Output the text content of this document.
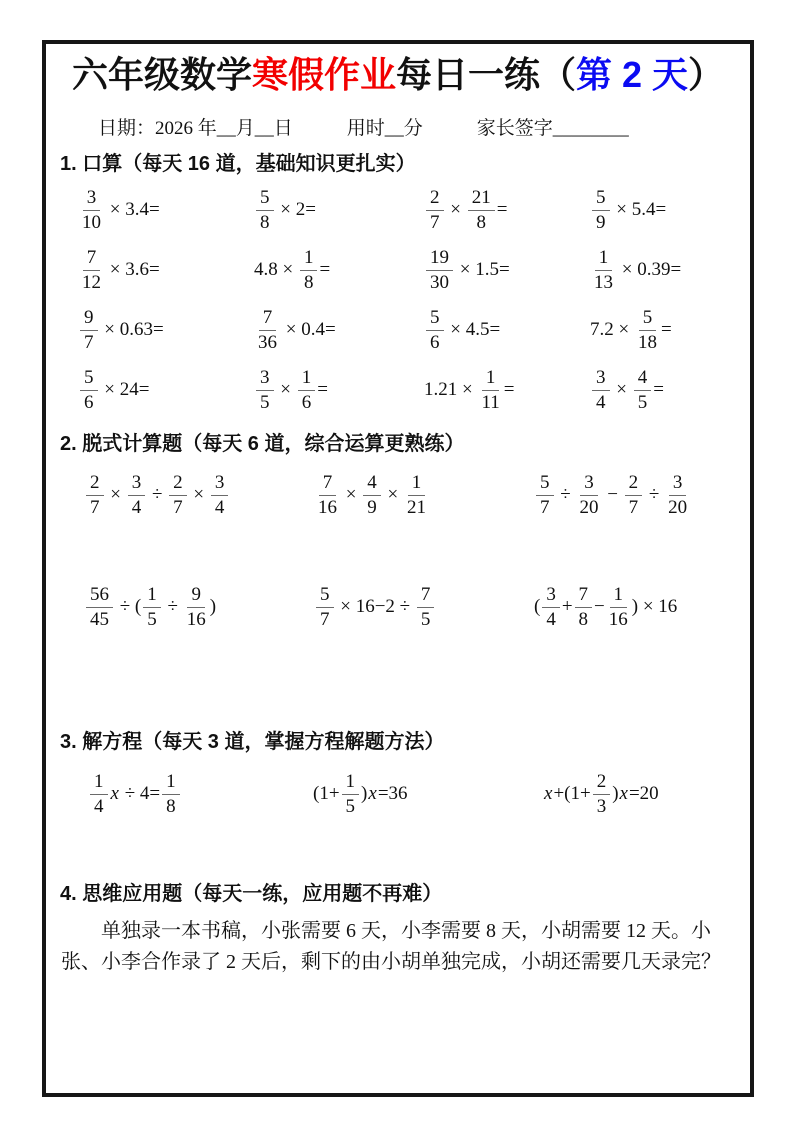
六年级数学寒假作业每日一练（第 2 天）
日期：2026 年__月__日	用时__分	家长签字________
1. 口算（每天 16 道，基础知识更扎实）
$\frac{3}{10} \times 3.4=$	$\frac{5}{8} \times 2=$	$\frac{2}{7} \times \frac{21}{8}$ =	$\frac{5}{9} \times 5.4=$
$\frac{7}{12} \times 3.6=$	$4.8 \times \frac{1}{8}$ =	$\frac{19}{30} \times 1.5=$	$\frac{1}{13} \times 0.39=$
$\frac{9}{7} \times 0.63=$	$\frac{7}{36} \times 0.4=$	$\frac{5}{6} \times 4.5=$	$7.2 \times \frac{5}{18}$ =
$\frac{5}{6} \times 24=$	$\frac{3}{5} \times \frac{1}{6}$ =	$1.21 \times \frac{1}{11}$ =	$\frac{3}{4} \times \frac{4}{5}$ =
2. 脱式计算题（每天 6 道，综合运算更熟练）
$\frac{2}{7} \times \frac{3}{4} \div \frac{2}{7} \times \frac{3}{4}$	$\frac{7}{16} \times \frac{4}{9} \times \frac{1}{21}$	$\frac{5}{7} \div \frac{3}{20} - \frac{2}{7} \div \frac{3}{20}$
$\frac{56}{45}$ ÷ ( $\frac{1}{5} \div \frac{9}{16}$ )	$\frac{5}{7} \times 16-2 \div \frac{7}{5}$	( $\frac{3}{4} + \frac{7}{8} - \frac{1}{16}$ ) × 16
3. 解方程（每天 3 道，掌握方程解题方法）
$\frac{1}{4}$ $x \div 4= \frac{1}{8}$	($1+ \frac{1}{5}$ ) x =36	$x +(1+ \frac{2}{3}$ ) x =20
4. 思维应用题（每天一练，应用题不再难）
单独录一本书稿，小张需要 6 天，小李需要 8 天，小胡需要 12 天。小张、小李合作录了 2 天后，剩下的由小胡单独完成，小胡还需要几天录完？
